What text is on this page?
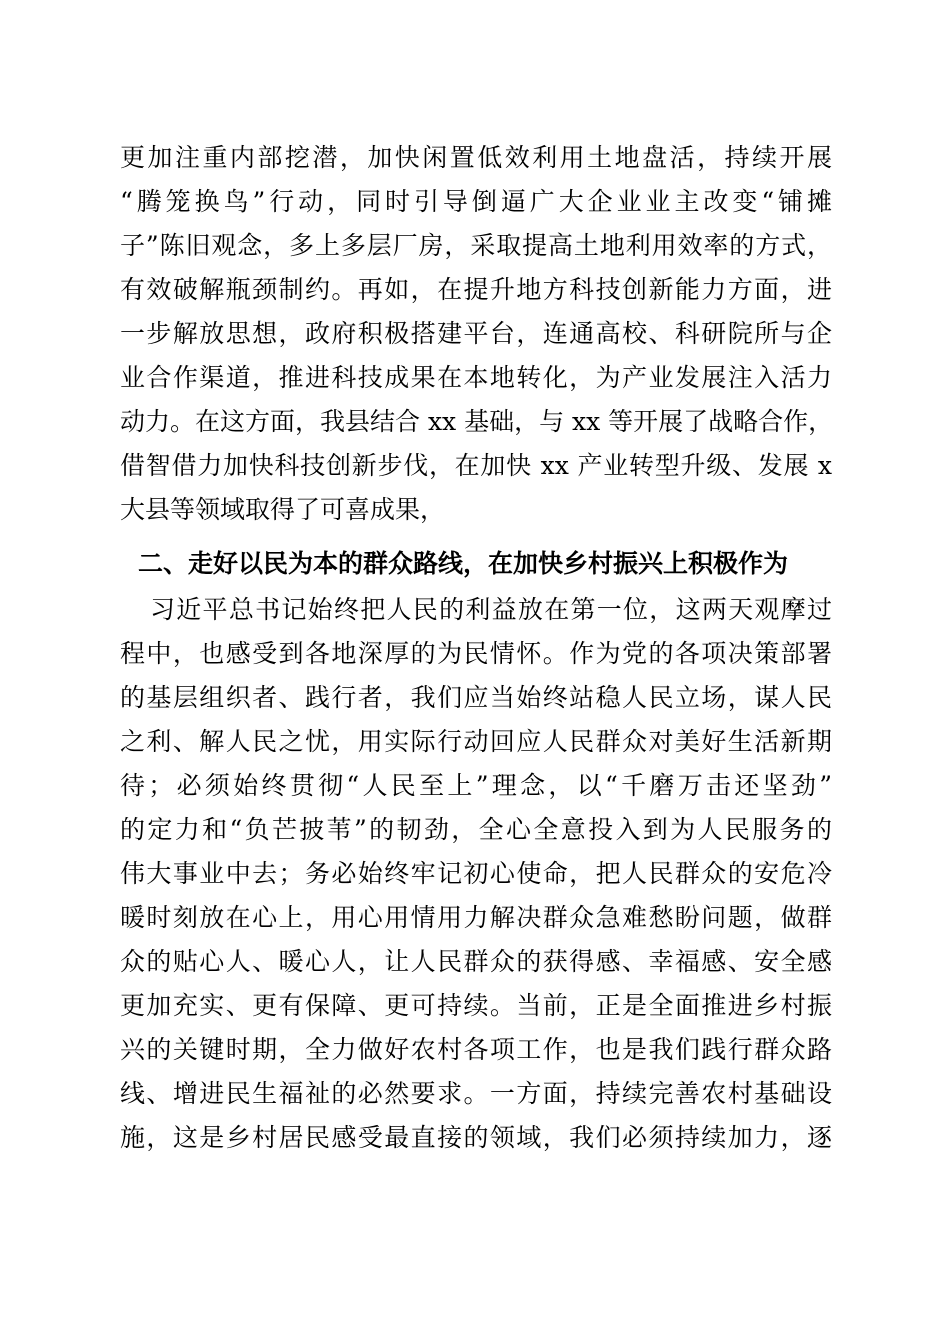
更加注重内部挖潜，加快闲置低效利用土地盘活，持续开展
“腾笼换鸟”行动，同时引导倒逼广大企业业主改变“铺摊
子”陈旧观念，多上多层厂房，采取提高土地利用效率的方式，
有效破解瓶颈制约。再如，在提升地方科技创新能力方面，进
一步解放思想，政府积极搭建平台，连通高校、科研院所与企
业合作渠道，推进科技成果在本地转化，为产业发展注入活力
动力。在这方面，我县结合 xx 基础，与 xx 等开展了战略合作，
借智借力加快科技创新步伐，在加快 xx 产业转型升级、发展 x
大县等领域取得了可喜成果，
二、走好以民为本的群众路线，在加快乡村振兴上积极作为
习近平总书记始终把人民的利益放在第一位，这两天观摩过
程中，也感受到各地深厚的为民情怀。作为党的各项决策部署
的基层组织者、践行者，我们应当始终站稳人民立场，谋人民
之利、解人民之忧，用实际行动回应人民群众对美好生活新期
待；必须始终贯彻“人民至上”理念，以“千磨万击还坚劲”
的定力和“负芒披苇”的韧劲，全心全意投入到为人民服务的
伟大事业中去；务必始终牢记初心使命，把人民群众的安危冷
暖时刻放在心上，用心用情用力解决群众急难愁盼问题，做群
众的贴心人、暖心人，让人民群众的获得感、幸福感、安全感
更加充实、更有保障、更可持续。当前，正是全面推进乡村振
兴的关键时期，全力做好农村各项工作，也是我们践行群众路
线、增进民生福祉的必然要求。一方面，持续完善农村基础设
施，这是乡村居民感受最直接的领域，我们必须持续加力，逐
